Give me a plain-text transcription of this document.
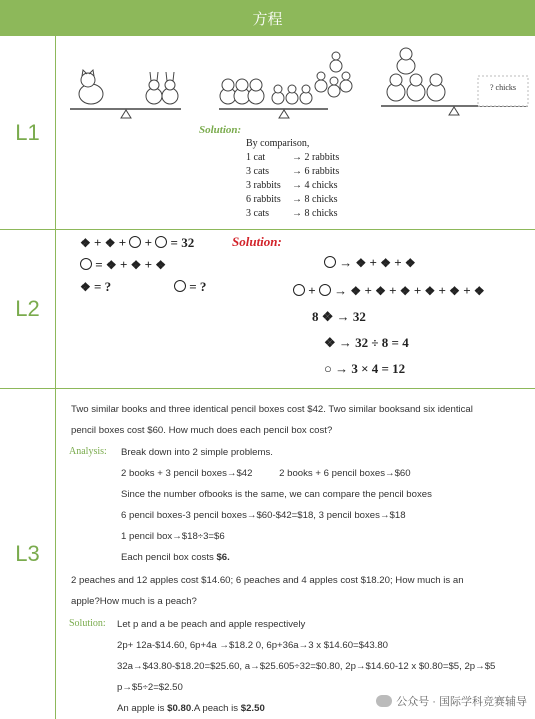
方程
L1
? chicks
Solution:
By comparison,
1 cat	→ 2 rabbits
3 cats → 6 rabbits
3 rabbits → 4 chicks
6 rabbits → 8 chicks
3 cats → 8 chicks
L2
❖ + ❖ +  +  = 32
= ❖ + ❖ + ❖
❖ = ?	= ?
Solution:
→ ❖ + ❖ + ❖
+  → ❖ + ❖ + ❖ + ❖ + ❖ + ❖
8 ❖ → 32
❖ → 32 ÷ 8 = 4
○ → 3 × 4 = 12
L3
Two similar books and three identical pencil boxes cost $42. Two similar booksand six identical
pencil boxes cost $60. How much does each pencil box cost?
Analysis: Break down into 2 simple problems.
2 books + 3 pencil boxes→$42          2 books + 6 pencil boxes→$60
Since the number ofbooks is the same, we can compare the pencil boxes
6 pencil boxes-3 pencil boxes→$60-$42=$18, 3 pencil boxes→$18
1 pencil box→$18÷3=$6
Each pencil box costs $6.
2 peaches and 12 apples cost $14.60; 6 peaches and 4 apples cost $18.20; How much is an
apple?How much is a peach?
Solution: Let p and a be peach and apple respectively
2p+ 12a-$14.60, 6p+4a →$18.2 0, 6p+36a→3 x $14.60=$43.80
32a→$43.80-$18.20=$25.60, a→$25.605÷32=$0.80, 2p→$14.60-12 x $0.80=$5, 2p→$5
p→$5÷2=$2.50
An apple is $0.80.A peach is $2.50
公众号 · 国际学科竞赛辅导
